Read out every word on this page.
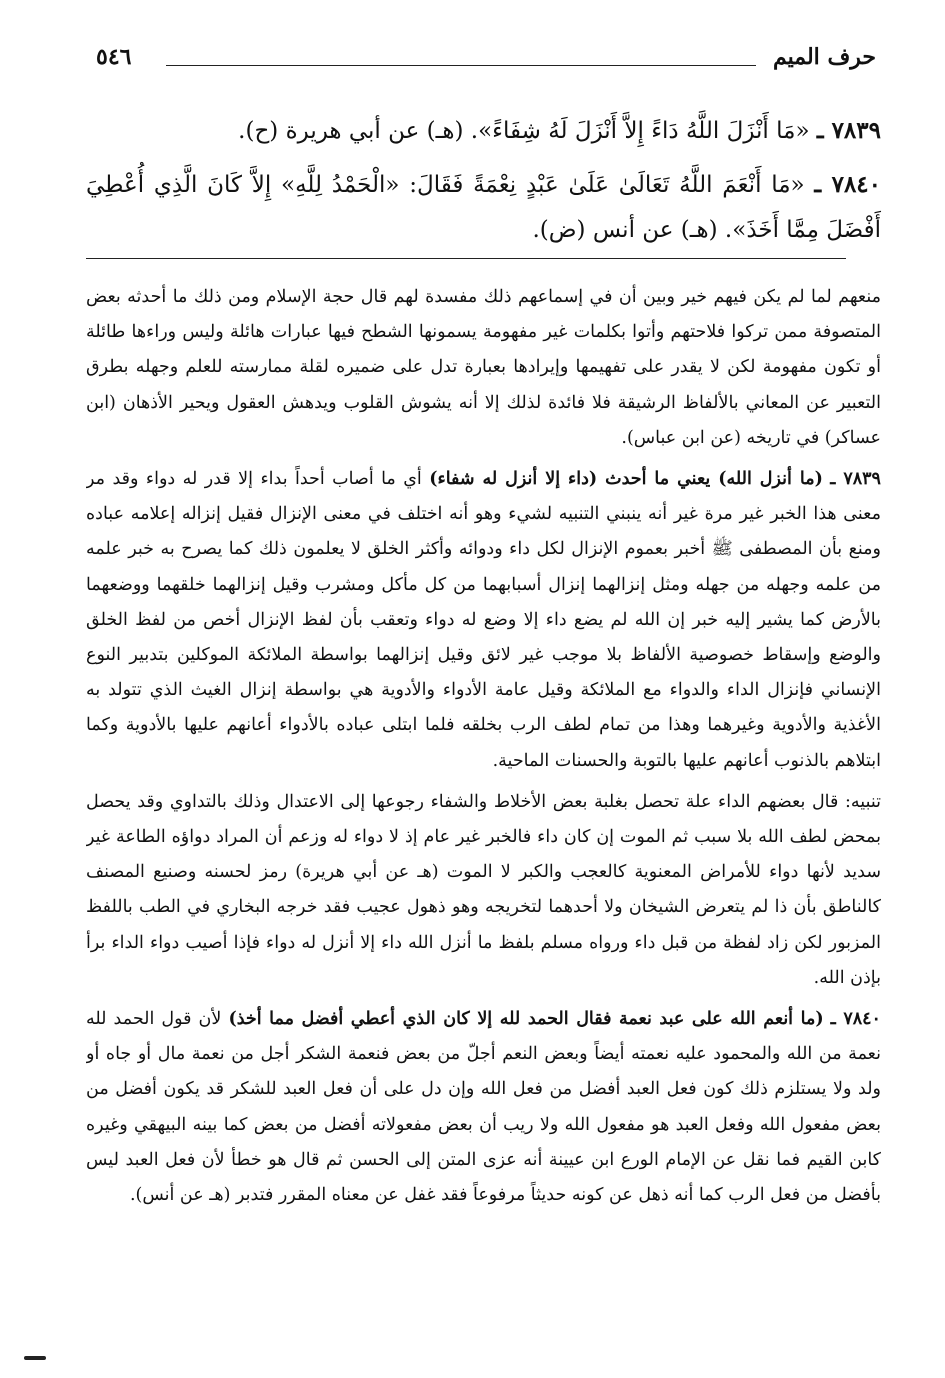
٥٤٦	حرف الميم

٧٨٣٩ ـ «مَا أَنْزَلَ اللَّهُ دَاءً إِلاَّ أَنْزَلَ لَهُ شِفَاءً». (هـ) عن أبي هريرة (ح).

٧٨٤٠ ـ «مَا أَنْعَمَ اللَّهُ تَعَالَىٰ عَلَىٰ عَبْدٍ نِعْمَةً فَقَالَ: «الْحَمْدُ لِلَّهِ» إِلاَّ كَانَ الَّذِي أُعْطِيَ أَفْضَلَ مِمَّا أَخَذَ». (هـ) عن أنس (ض).

منعهم لما لم يكن فيهم خير وبين أن في إسماعهم ذلك مفسدة لهم قال حجة الإسلام ومن ذلك ما أحدثه بعض المتصوفة ممن تركوا فلاحتهم وأتوا بكلمات غير مفهومة يسمونها الشطح فيها عبارات هائلة وليس وراءها طائلة أو تكون مفهومة لكن لا يقدر على تفهيمها وإيرادها بعبارة تدل على ضميره لقلة ممارسته للعلم وجهله بطرق التعبير عن المعاني بالألفاظ الرشيقة فلا فائدة لذلك إلا أنه يشوش القلوب ويدهش العقول ويحير الأذهان (ابن عساكر) في تاريخه (عن ابن عباس).

٧٨٣٩ ـ (ما أنزل الله) يعني ما أحدث (داء إلا أنزل له شفاء) أي ما أصاب أحداً بداء إلا قدر له دواء وقد مر معنى هذا الخبر غير مرة غير أنه ينبني التنبيه لشيء وهو أنه اختلف في معنى الإنزال فقيل إنزاله إعلامه عباده ومنع بأن المصطفى ﷺ أخبر بعموم الإنزال لكل داء ودوائه وأكثر الخلق لا يعلمون ذلك كما يصرح به خبر علمه من علمه وجهله من جهله ومثل إنزالهما إنزال أسبابهما من كل مأكل ومشرب وقيل إنزالهما خلقهما ووضعهما بالأرض كما يشير إليه خبر إن الله لم يضع داء إلا وضع له دواء وتعقب بأن لفظ الإنزال أخص من لفظ الخلق والوضع وإسقاط خصوصية الألفاظ بلا موجب غير لائق وقيل إنزالهما بواسطة الملائكة الموكلين بتدبير النوع الإنساني فإنزال الداء والدواء مع الملائكة وقيل عامة الأدواء والأدوية هي بواسطة إنزال الغيث الذي تتولد به الأغذية والأدوية وغيرهما وهذا من تمام لطف الرب بخلقه فلما ابتلى عباده بالأدواء أعانهم عليها بالأدوية وكما ابتلاهم بالذنوب أعانهم عليها بالتوبة والحسنات الماحية.

تنبيه: قال بعضهم الداء علة تحصل بغلبة بعض الأخلاط والشفاء رجوعها إلى الاعتدال وذلك بالتداوي وقد يحصل بمحض لطف الله بلا سبب ثم الموت إن كان داء فالخبر غير عام إذ لا دواء له وزعم أن المراد دواؤه الطاعة غير سديد لأنها دواء للأمراض المعنوية كالعجب والكبر لا الموت (هـ عن أبي هريرة) رمز لحسنه وصنيع المصنف كالناطق بأن ذا لم يتعرض الشيخان ولا أحدهما لتخريجه وهو ذهول عجيب فقد خرجه البخاري في الطب باللفظ المزبور لكن زاد لفظة من قبل داء ورواه مسلم بلفظ ما أنزل الله داء إلا أنزل له دواء فإذا أصيب دواء الداء برأ بإذن الله.

٧٨٤٠ ـ (ما أنعم الله على عبد نعمة فقال الحمد لله إلا كان الذي أعطي أفضل مما أخذ) لأن قول الحمد لله نعمة من الله والمحمود عليه نعمته أيضاً وبعض النعم أجلّ من بعض فنعمة الشكر أجل من نعمة مال أو جاه أو ولد ولا يستلزم ذلك كون فعل العبد أفضل من فعل الله وإن دل على أن فعل العبد للشكر قد يكون أفضل من بعض مفعول الله وفعل العبد هو مفعول الله ولا ريب أن بعض مفعولاته أفضل من بعض كما بينه البيهقي وغيره كابن القيم فما نقل عن الإمام الورع ابن عيينة أنه عزى المتن إلى الحسن ثم قال هو خطأ لأن فعل العبد ليس بأفضل من فعل الرب كما أنه ذهل عن كونه حديثاً مرفوعاً فقد غفل عن معناه المقرر فتدبر (هـ عن أنس).
